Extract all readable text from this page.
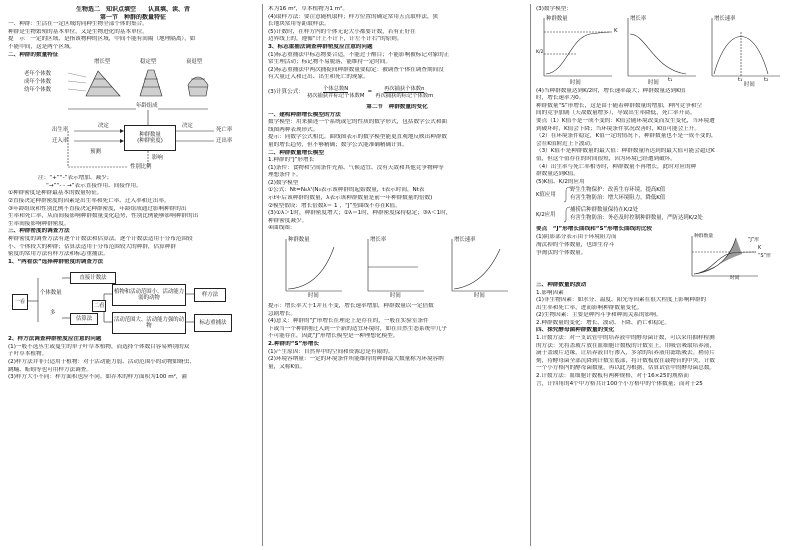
生物选二　知识点填空　　认真填、读、背
第一节　种群的数量特征
一、种群：生活在一定区域的同种生物全部个体的集合。
种群是生物繁殖的基本单位，又是生物进化的基本单位。
提　示　一定的区域，是指该物种的区域，中间不能有间隔（地理隔离），如
不能中间，这是两个区域。
二、种群的数量特征
老年个体数
成年个体数
幼年个体数
增长型	稳定型	衰退型
年龄组成
出生率
迁入率
决定	决定
种群数量
(种群密度)
死亡率
迁出率
预测
影响
性别比例
注：“+”“-”表示增加、减少；
“→”“- - →”表示直接作用、间接作用。
①种群密度是种群最基本的数量特征。
②直接决定种群密度的因素是出生率和死亡率、迁入率和迁出率。
③年龄组成和性别比例不直接决定种群密度，年龄组成通过影响种群的出
生率和死亡率，从而间接影响种群数量变化趋势，性别比例能够影响种群的出
生率间接影响种群密度。
三、种群密度的调查方法
种群密度的调查方法有逐个计数法和估算法。逐个计数法适用于分布范围较
小、个体较大的种群；估算法适用于分布范围较大的种群，估算种群
密度的常用方法有样方法和标志重捕法。
1、“两看法”选择种群密度的调查方法
一看
个体数量
多
直接计数法
估算法
二看
植物和活动范围小、活动能力弱的动物
活动范围大、活动能力强的动物
样方法
标志重捕法
2、样方法调查种群密度应注意的问题
(1)一般不选丛生或蔓生的单子叶草本植物，而选择个体数目容易辨别的双
子叶草本植物。
(2)样方法并非只适用于植物：对于活动能力弱、活动范围小的动物如蚜虫、
跳蝻、蚯蚓等也可用样方法调查。
(3)样方大小不同：样方面积也应不同。如乔木的样方面积为100 m²，灌
木为16 m²，草本植物为1 m²。
(4)取样方法：要注意随机取样；样方位置的确定常用五点取样法，狭
长地块常用等距取样法。
(5)计数时，在样方内的个体无论大小都要计数，若有正好在
边界线上的，遵循“计上不计下，计左不计右”的原则。
3、标志重捕法调查种群密度应注意的问题
(1)标志重捕法中标志物要合适，不能过于醒目；不能影响被标记对象的正
常生理活动；标记物不易脱落，能维持一定时间。
(2)标志重捕法中两次捕捉间种群数量要稳定：被调查个体在调查期间没
有大量迁入和迁出、出生和死亡的现象。
(3)计算公式： $\frac{\text{个体总数N}}{\text{初次捕获并标记个体数M}} = \frac{\text{再次捕获个体数n}}{\text{再次捕获的标记个体数m}}$
第二节　种群数量的变化
一、建构种群增长模型的方法
数学模型：用来描述一个系统或它的性质的数学形式，包括数学公式和曲
线图两种表现形式。
提示：同数学公式相比，曲线图表示的数学模型能更直观地反映出种群数
量的增长趋势，但不够精确；数学公式能准确精确计算。
二、种群数量增长模型
1.种群的“J”形增长
(1)条件：食物和空间条件充裕、气候适宜、没有天敌和其他竞争物种等
理想条件下。
(2)数学模型
①公式：Nt=N₀λᵗ(N₀表示该种群的起始数量，t表示时间，Nt表
示t年后该种群的数量，λ表示该种群数量是前一年种群数量的倍数)
②模型假设：增长倍数λ＝ 1 ，“J”型曲线不存在K值。
(3)①λ＞1时，种群密度增大；②λ＝1时，种群密度保持稳定；③λ＜1时，
种群密度减少。
④曲线图：
种群数量	增长率	增长速率
时间	时间	时间
提示：增长率大于1并且不变，增长速率增加，种群数量以一定倍数
急剧增长。
(4)意义：种群的“J”形增长在理论上是存在的，一般在实验室条件
下或当一个种群刚迁入到一个新的适宜环境时，如在自然生态系统中几乎
不可能存在，因此“J”形增长模型是一种理想化模型。
2.种群的“S”形增长
(1)产生原因：自然界中的空间和资源总是有限的。
(2)环境容纳量：一定的环境条件所能维持的种群最大数量称为环境容纳
量，又称K值。
(3)数学模型：
种群数量	增长率	增长速率
K
K/2
t₁	t₁	t₂
时间	时间	时间
(4)当种群数量达到K/2时，增长速率最大；种群数量达到K值
时，增长速率为0。
种群数量“S”形增长，这是由于随着种群数量的增加，种内竞争和空
间的竞争加剧（天敌数量增多），导致出生率降低，死亡率升高。
要点（1）K值不是一成不变的：K值会随环境改变而发生变化，当环境遭
到破坏时，K值会下降；当环境条件状况改善时，K值可能会上升。
（2）在环境条件稳定，K值一定的情况下，种群数量也不是一成不变的，
会在K值附近上下波动。
（3）K值不是种群数量的最大值：种群数量所达到的最大值可能会超过K
值，但这个值存在的时间很短，因为环境已经遭到破坏。
（4）出生率与死亡率相等时，种群数量不再增长，此时对应的种
群数量达到K值。
(5)K值、K/2的应用
K值应用
野生生物保护：改善生存环境，提高K值
有害生物防治：增大环境阻力，降低K值
K/2应用
捕捞后种群数量保持在K/2处
有害生物防治：务必及时控制种群数量，严防达到K/2处
要点　“J”形增长曲线和“S”形增长曲线的比较
(1)阴影部分表示由于环境阻力而
淘汰掉的个体数量，也即生存斗
争淘汰的个体数量。
种群数量
“J”形
“S”形
K
时间
三、种群数量的波动
1.影响因素
(1)非生物因素：如水分、温度、阳光等因素在很大程度上影响种群的
出生率和死亡率，进而影响种群数量变化。
(2)生物因素：主要是种内斗争和种间关系的影响。
2.种群数量的变化：增长、波动、下降、消亡和稳定。
四、探究酵母菌种群数量的变化
1.计数方法：对一支试管中的培养液中的酵母菌计数，可以采用抽样检测
的方法：先将盖玻片放在血细胞计数板的计数室上，用吸管吸取培养液，
滴于盖玻片边缘，让培养液自行渗入，多余的培养液用滤纸吸去。稍待片
刻，待酵母菌全部沉降到计数室底部，将计数板放在载物台的中央，计数
一个小方格内的酵母菌数量，再以此为根据，估算试管中的酵母菌总数。
2.计数方法：血细胞计数板有两种规格，对于16×25的规格而
言，计四角的4个中方格共计100个小方格中的个体数量；而对于25
